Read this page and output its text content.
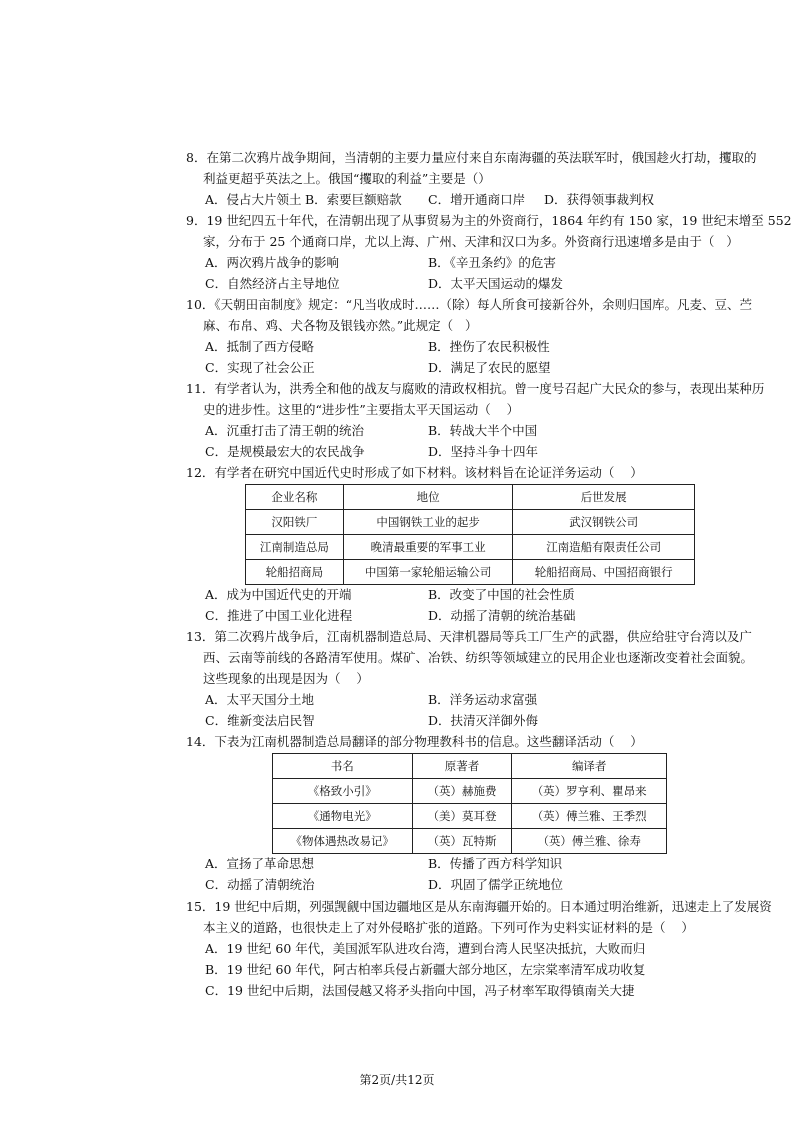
8．在第二次鸦片战争期间，当清朝的主要力量应付来自东南海疆的英法联军时，俄国趁火打劫，攫取的
利益更超乎英法之上。俄国“攫取的利益”主要是（）
A．侵占大片领土 B．索要巨额赔款 C．增开通商口岸 D．获得领事裁判权
9．19 世纪四五十年代，在清朝出现了从事贸易为主的外资商行，1864 年约有 150 家，19 世纪末增至 552
家，分布于 25 个通商口岸，尤以上海、广州、天津和汉口为多。外资商行迅速增多是由于（   ）
A．两次鸦片战争的影响	B．《辛丑条约》的危害
C．自然经济占主导地位	D．太平天国运动的爆发
10．《天朝田亩制度》规定：“凡当收成时……（除）每人所食可接新谷外，余则归国库。凡麦、豆、苎
麻、布帛、鸡、犬各物及银钱亦然。”此规定（   ）
A．抵制了西方侵略	B．挫伤了农民积极性
C．实现了社会公正	D．满足了农民的愿望
11．有学者认为，洪秀全和他的战友与腐败的清政权相抗。曾一度号召起广大民众的参与，表现出某种历
史的进步性。这里的“进步性”主要指太平天国运动（    ）
A．沉重打击了清王朝的统治	B．转战大半个中国
C．是规模最宏大的农民战争	D．坚持斗争十四年
12．有学者在研究中国近代史时形成了如下材料。该材料旨在论证洋务运动（    ）
企业名称	地位	后世发展
汉阳铁厂	中国钢铁工业的起步	武汉钢铁公司
江南制造总局	晚清最重要的军事工业	江南造船有限责任公司
轮船招商局	中国第一家轮船运输公司	轮船招商局、中国招商银行
A．成为中国近代史的开端	B．改变了中国的社会性质
C．推进了中国工业化进程	D．动摇了清朝的统治基础
13．第二次鸦片战争后，江南机器制造总局、天津机器局等兵工厂生产的武器，供应给驻守台湾以及广
西、云南等前线的各路清军使用。煤矿、冶铁、纺织等领域建立的民用企业也逐渐改变着社会面貌。
这些现象的出现是因为（    ）
A．太平天国分土地	B．洋务运动求富强
C．维新变法启民智	D．扶清灭洋御外侮
14．下表为江南机器制造总局翻译的部分物理教科书的信息。这些翻译活动（    ）
书名	原著者	编译者
《格致小引》	（英）赫施费	（英）罗亨利、瞿昂来
《通物电光》	（美）莫耳登	（英）傅兰雅、王季烈
《物体遇热改易记》	（英）瓦特斯	（英）傅兰雅、徐寿
A．宣扬了革命思想	B．传播了西方科学知识
C．动摇了清朝统治	D．巩固了儒学正统地位
15．19 世纪中后期，列强觊觎中国边疆地区是从东南海疆开始的。日本通过明治维新，迅速走上了发展资
本主义的道路，也很快走上了对外侵略扩张的道路。下列可作为史料实证材料的是（    ）
A．19 世纪 60 年代，美国派军队进攻台湾，遭到台湾人民坚决抵抗，大败而归
B．19 世纪 60 年代，阿古柏率兵侵占新疆大部分地区，左宗棠率清军成功收复
C．19 世纪中后期，法国侵越又将矛头指向中国，冯子材率军取得镇南关大捷
第2页/共12页
